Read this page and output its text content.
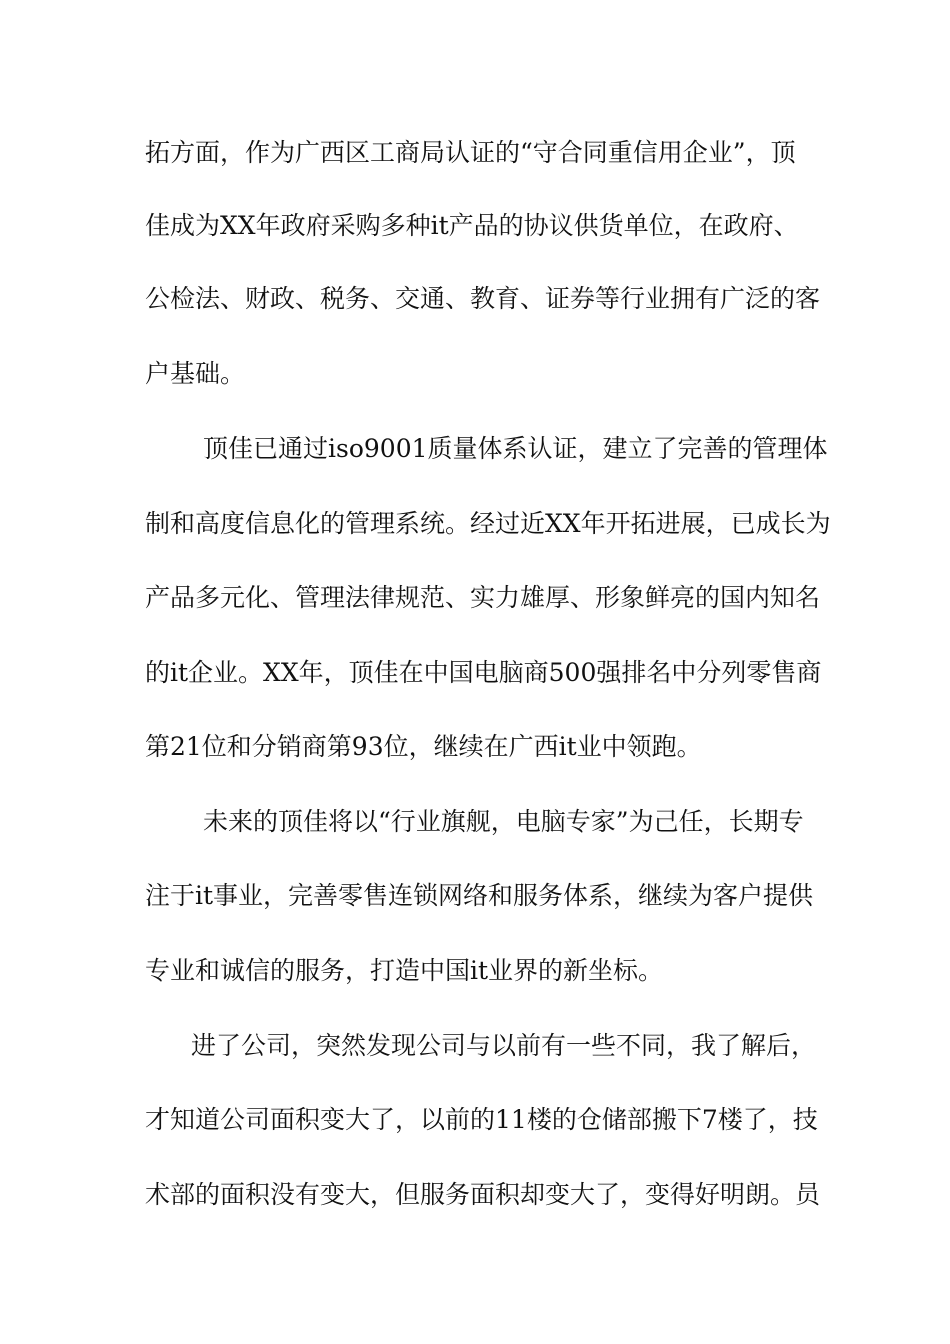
拓方面，作为广西区工商局认证的“守合同重信用企业”，顶
佳成为XX年政府采购多种it产品的协议供货单位，在政府、
公检法、财政、税务、交通、教育、证券等行业拥有广泛的客
户基础。
顶佳已通过iso9001质量体系认证，建立了完善的管理体
制和高度信息化的管理系统。经过近XX年开拓进展，已成长为
产品多元化、管理法律规范、实力雄厚、形象鲜亮的国内知名
的it企业。XX年，顶佳在中国电脑商500强排名中分列零售商
第21位和分销商第93位，继续在广西it业中领跑。
未来的顶佳将以“行业旗舰，电脑专家”为己任，长期专
注于it事业，完善零售连锁网络和服务体系，继续为客户提供
专业和诚信的服务，打造中国it业界的新坐标。
进了公司，突然发现公司与以前有一些不同，我了解后，
才知道公司面积变大了，以前的11楼的仓储部搬下7楼了，技
术部的面积没有变大，但服务面积却变大了，变得好明朗。员
